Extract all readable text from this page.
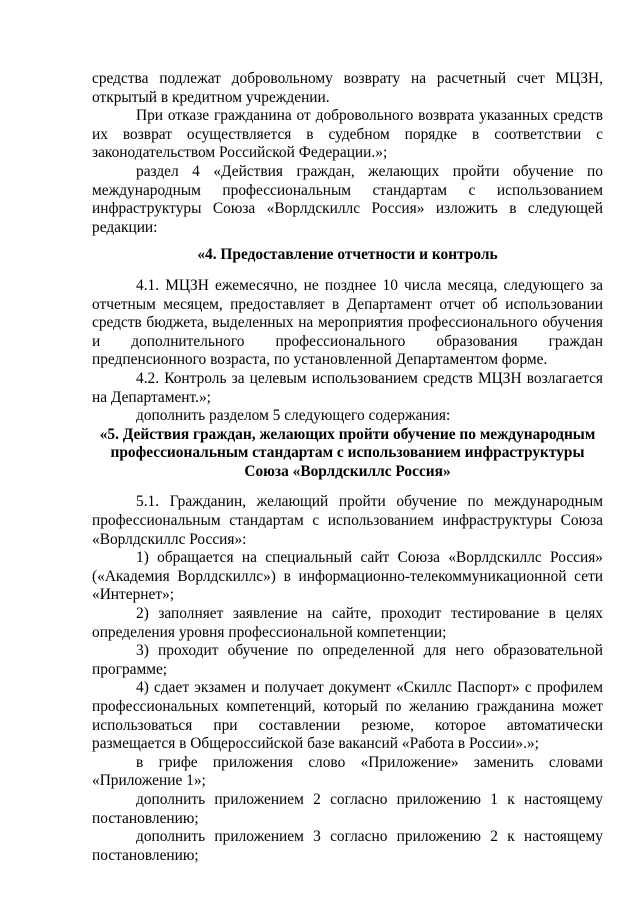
средства подлежат добровольному возврату на расчетный счет МЦЗН, открытый в кредитном учреждении.

При отказе гражданина от добровольного возврата указанных средств их возврат осуществляется в судебном порядке в соответствии с законодательством Российской Федерации.»;

раздел 4 «Действия граждан, желающих пройти обучение по международным профессиональным стандартам с использованием инфраструктуры Союза «Ворлдскиллс Россия» изложить в следующей редакции:

«4. Предоставление отчетности и контроль

4.1. МЦЗН ежемесячно, не позднее 10 числа месяца, следующего за отчетным месяцем, предоставляет в Департамент отчет об использовании средств бюджета, выделенных на мероприятия профессионального обучения и дополнительного профессионального образования граждан предпенсионного возраста, по установленной Департаментом форме.

4.2. Контроль за целевым использованием средств МЦЗН возлагается на Департамент.»;

дополнить разделом 5 следующего содержания:

«5. Действия граждан, желающих пройти обучение по международным
профессиональным стандартам с использованием инфраструктуры
Союза «Ворлдскиллс Россия»

5.1. Гражданин, желающий пройти обучение по международным профессиональным стандартам с использованием инфраструктуры Союза «Ворлдскиллс Россия»:

1) обращается на специальный сайт Союза «Ворлдскиллс Россия» («Академия Ворлдскиллс») в информационно-телекоммуникационной сети «Интернет»;

2) заполняет заявление на сайте, проходит тестирование в целях определения уровня профессиональной компетенции;

3) проходит обучение по определенной для него образовательной программе;

4) сдает экзамен и получает документ «Скиллс Паспорт» с профилем профессиональных компетенций, который по желанию гражданина может использоваться при составлении резюме, которое автоматически размещается в Общероссийской базе вакансий «Работа в России».»;

в грифе приложения слово «Приложение» заменить словами «Приложение 1»;

дополнить приложением 2 согласно приложению 1 к настоящему постановлению;

дополнить приложением 3 согласно приложению 2 к настоящему постановлению;
